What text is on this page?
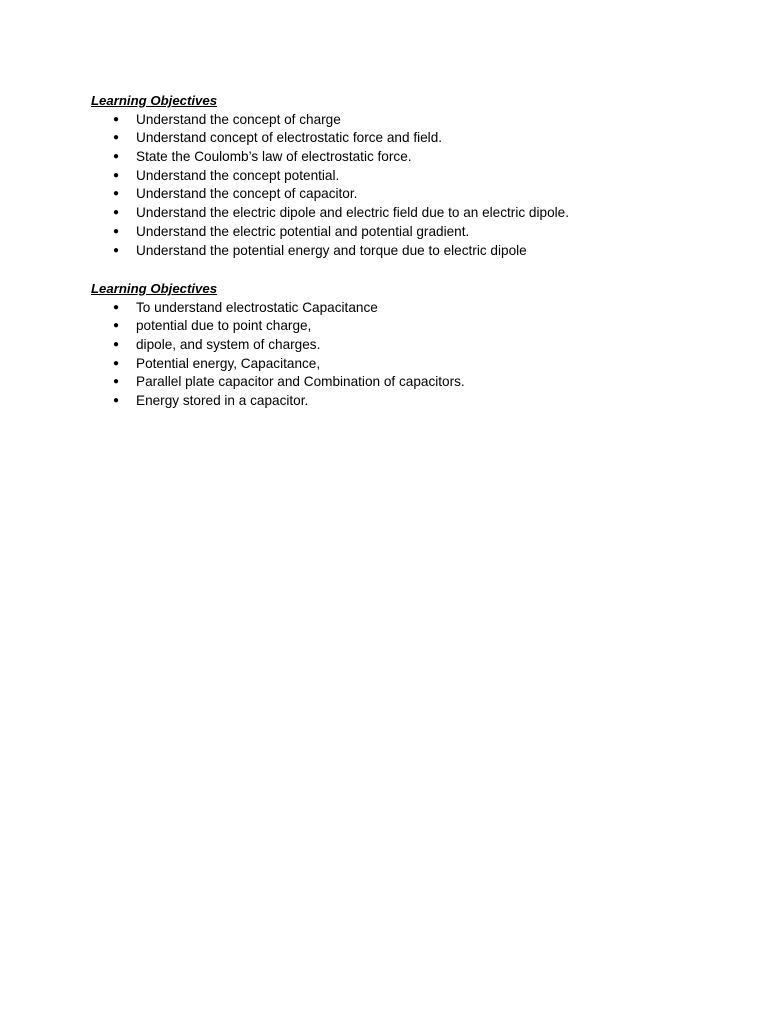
Learning Objectives
● Understand the concept of charge
● Understand concept of electrostatic force and field.
● State the Coulomb’s law of electrostatic force.
● Understand the concept potential.
● Understand the concept of capacitor.
● Understand the electric dipole and electric field due to an electric dipole.
● Understand the electric potential and potential gradient.
● Understand the potential energy and torque due to electric dipole
Learning Objectives
● To understand electrostatic Capacitance
● potential due to point charge,
● dipole, and system of charges.
● Potential energy, Capacitance,
● Parallel plate capacitor and Combination of capacitors.
● Energy stored in a capacitor.
